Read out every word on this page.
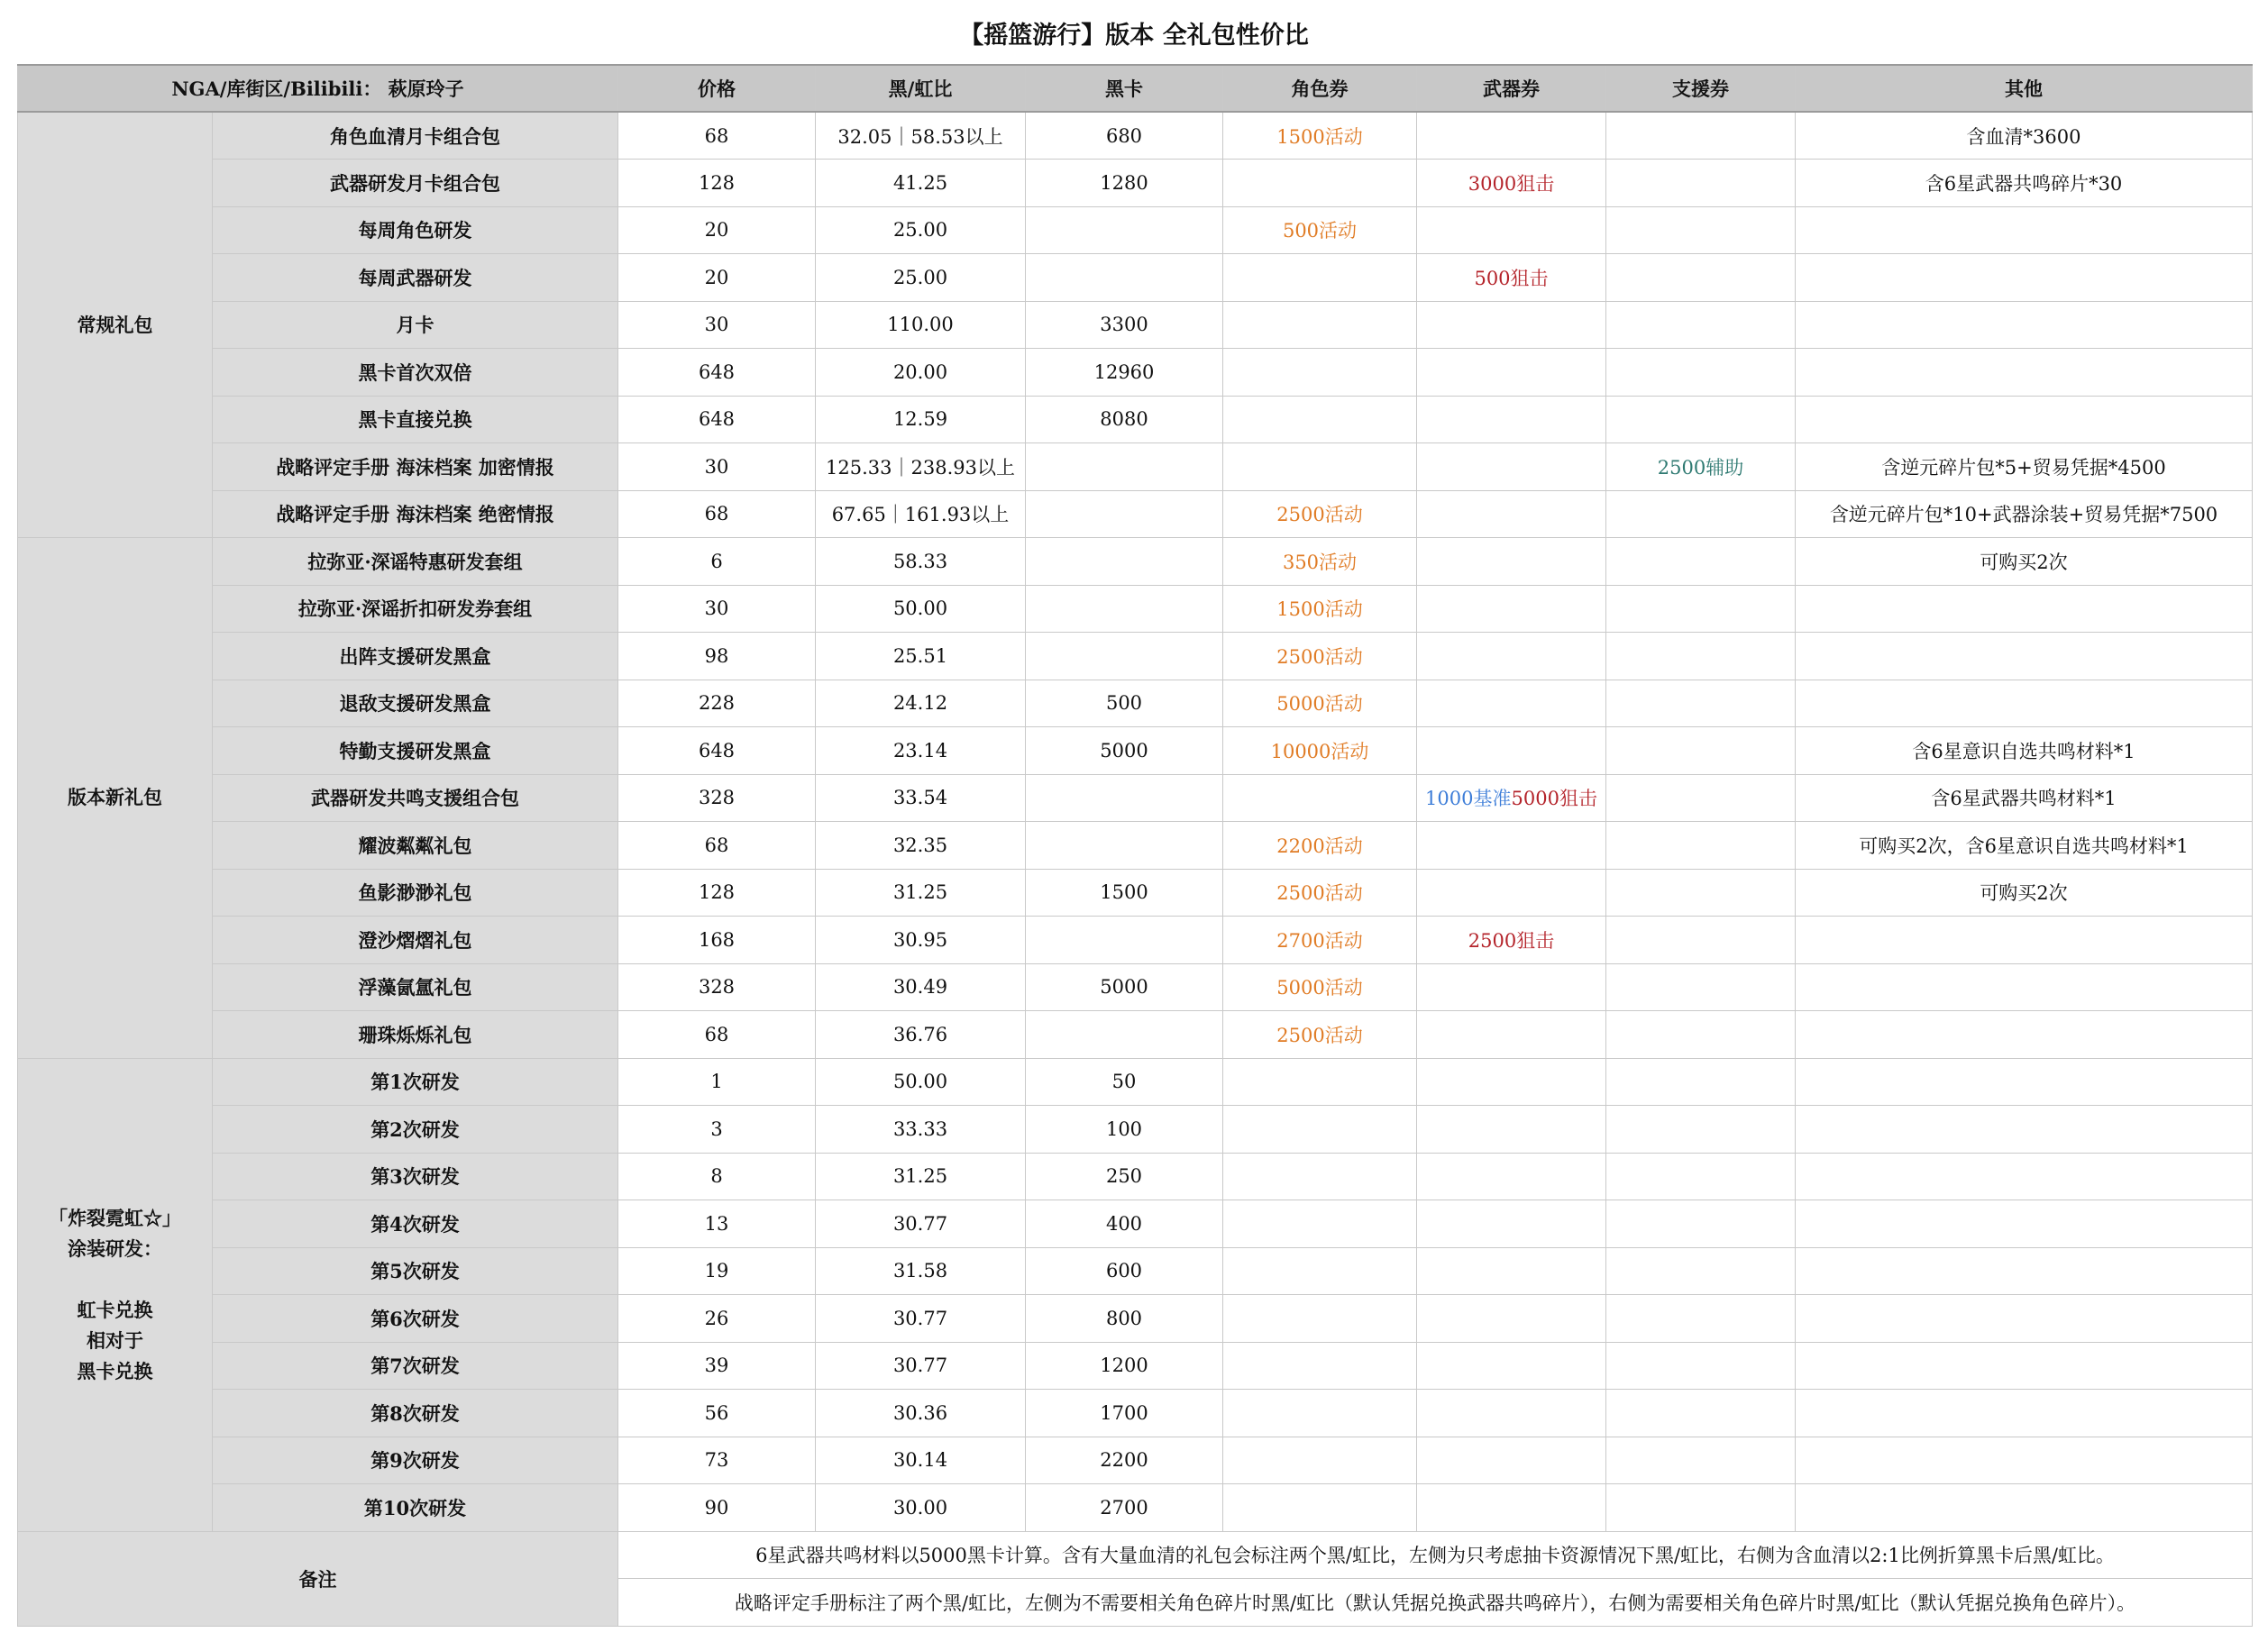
【摇篮游行】版本 全礼包性价比
NGA/库街区/Bilibili： 萩原玲子		价格	黑/虹比	黑卡	角色券	武器券	支援券	其他
常规礼包	角色血清月卡组合包	68	32.05｜58.53以上	680	1500活动			含血清*3600
	武器研发月卡组合包	128	41.25	1280		3000狙击		含6星武器共鸣碎片*30
	每周角色研发	20	25.00		500活动			
	每周武器研发	20	25.00			500狙击		
	月卡	30	110.00	3300				
	黑卡首次双倍	648	20.00	12960				
	黑卡直接兑换	648	12.59	8080				
	战略评定手册 海沫档案 加密情报	30	125.33｜238.93以上				2500辅助	含逆元碎片包*5+贸易凭据*4500
	战略评定手册 海沫档案 绝密情报	68	67.65｜161.93以上		2500活动			含逆元碎片包*10+武器涂装+贸易凭据*7500
版本新礼包	拉弥亚·深谣特惠研发套组	6	58.33		350活动			可购买2次
	拉弥亚·深谣折扣研发券套组	30	50.00		1500活动			
	出阵支援研发黑盒	98	25.51		2500活动			
	退敌支援研发黑盒	228	24.12	500	5000活动			
	特勤支援研发黑盒	648	23.14	5000	10000活动			含6星意识自选共鸣材料*1
	武器研发共鸣支援组合包	328	33.54			1000基准5000狙击		含6星武器共鸣材料*1
	耀波粼粼礼包	68	32.35		2200活动			可购买2次，含6星意识自选共鸣材料*1
	鱼影渺渺礼包	128	31.25	1500	2500活动			可购买2次
	澄沙熠熠礼包	168	30.95		2700活动	2500狙击		
	浮藻氤氲礼包	328	30.49	5000	5000活动			
	珊珠烁烁礼包	68	36.76		2500活动			

「炸裂霓虹☆」
涂装研发：

虹卡兑换
相对于
黑卡兑换	第1次研发	1	50.00	50				
	第2次研发	3	33.33	100				
	第3次研发	8	31.25	250				
	第4次研发	13	30.77	400				
	第5次研发	19	31.58	600				
	第6次研发	26	30.77	800				
	第7次研发	39	30.77	1200				
	第8次研发	56	30.36	1700				
	第9次研发	73	30.14	2200				
	第10次研发	90	30.00	2700				
备注		6星武器共鸣材料以5000黑卡计算。含有大量血清的礼包会标注两个黑/虹比，左侧为只考虑抽卡资源情况下黑/虹比，右侧为含血清以2:1比例折算黑卡后黑/虹比。						
		战略评定手册标注了两个黑/虹比，左侧为不需要相关角色碎片时黑/虹比（默认凭据兑换武器共鸣碎片），右侧为需要相关角色碎片时黑/虹比（默认凭据兑换角色碎片）。						
